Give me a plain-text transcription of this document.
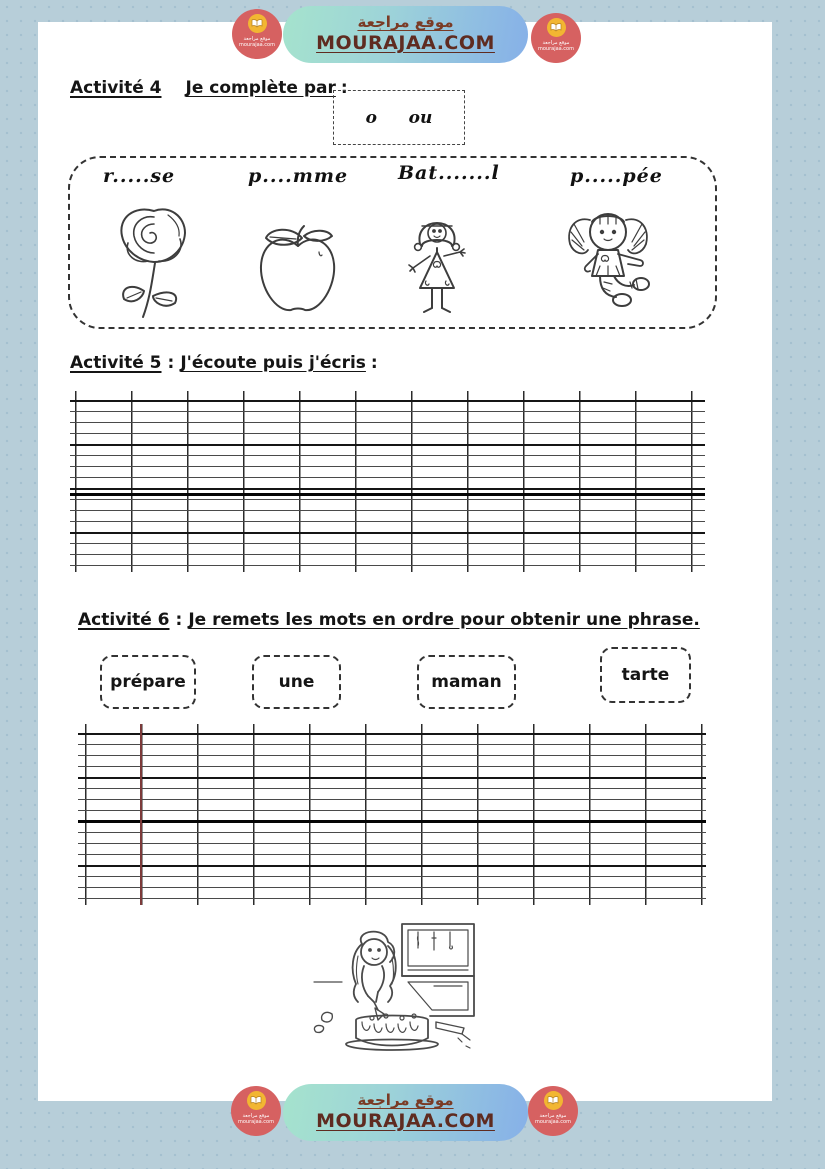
موقع مراجعة
MOURAJAA.COM
موقع مراجعة
mourajaa.com	موقع مراجعة
mourajaa.com
Activité 4 Je complète par :
o ou
r.....se	p....mme	Bat.......l	p.....pée
Activité 5 : J'écoute puis j'écris :
Activité 6 : Je remets les mots en ordre pour obtenir une phrase.
prépare	une	maman	tarte
موقع مراجعة
MOURAJAA.COM
موقع مراجعة
mourajaa.com
موقع مراجعة
mourajaa.com
